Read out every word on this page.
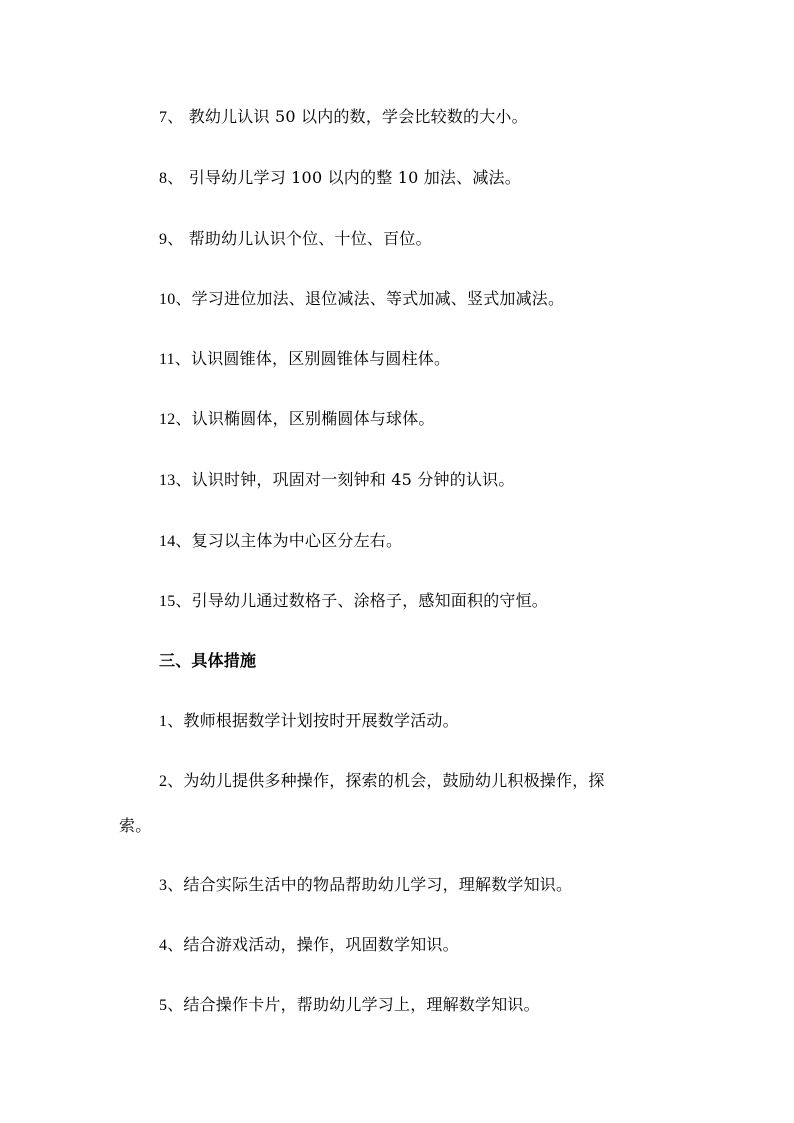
7、 教幼儿认识 50 以内的数，学会比较数的大小。
8、 引导幼儿学习 100 以内的整 10 加法、减法。
9、 帮助幼儿认识个位、十位、百位。
10、学习进位加法、退位减法、等式加减、竖式加减法。
11、认识圆锥体，区别圆锥体与圆柱体。
12、认识椭圆体，区别椭圆体与球体。
13、认识时钟，巩固对一刻钟和 45 分钟的认识。
14、复习以主体为中心区分左右。
15、引导幼儿通过数格子、涂格子，感知面积的守恒。
三、具体措施
1、教师根据数学计划按时开展数学活动。
2、为幼儿提供多种操作，探索的机会，鼓励幼儿积极操作，探
索。
3、结合实际生活中的物品帮助幼儿学习，理解数学知识。
4、结合游戏活动，操作，巩固数学知识。
5、结合操作卡片，帮助幼儿学习上，理解数学知识。
